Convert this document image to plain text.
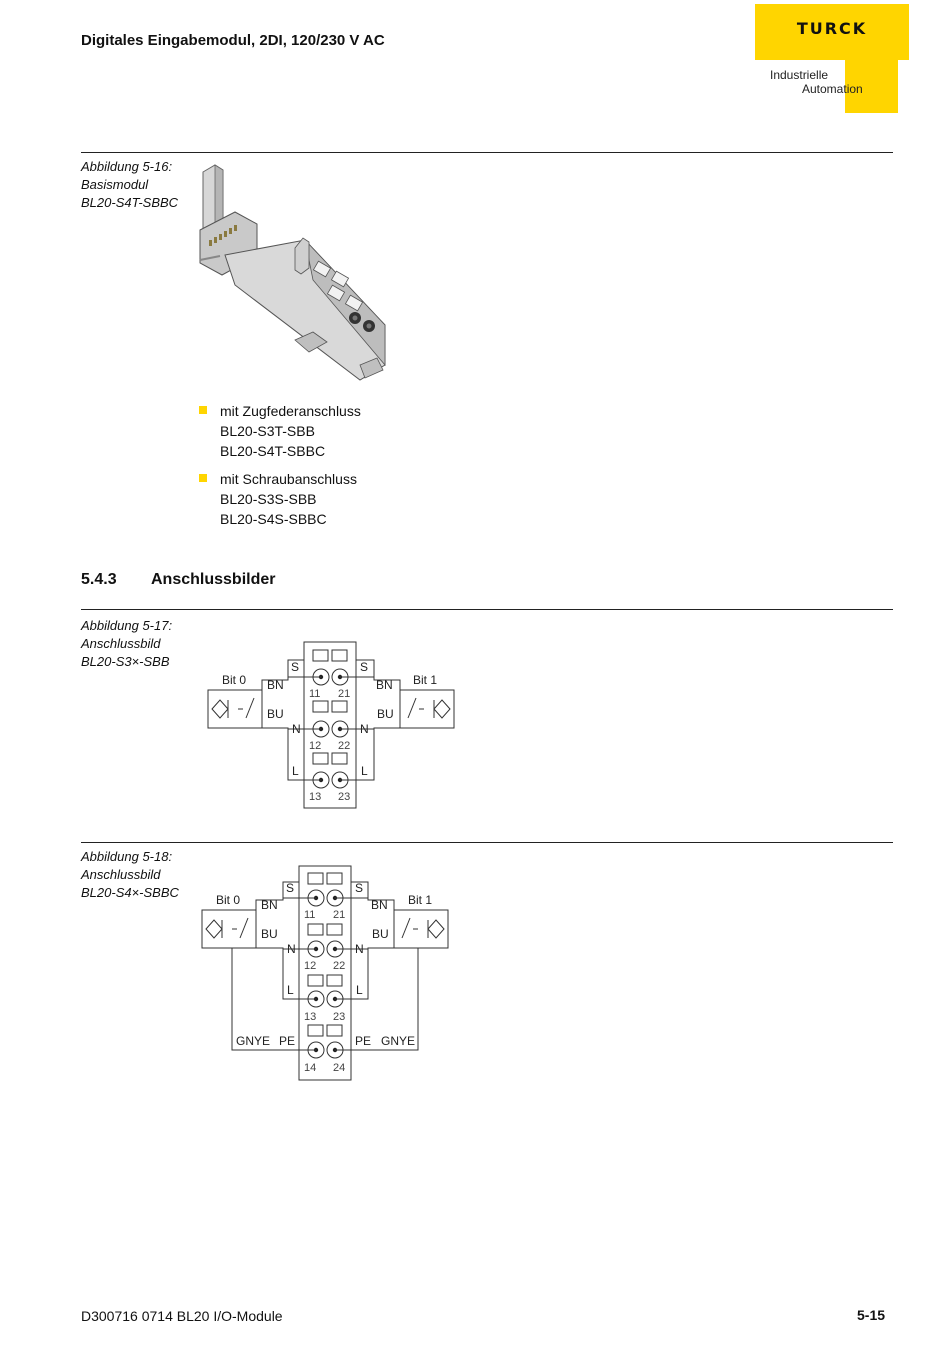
Digitales Eingabemodul, 2DI, 120/230 V AC
TURCK
Industrielle
Automation
Abbildung 5-16:
Basismodul
BL20-S4T-SBBC
mit Zugfederanschluss
BL20-S3T-SBB
BL20-S4T-SBBC
mit Schraubanschluss
BL20-S3S-SBB
BL20-S4S-SBBC
5.4.3 Anschlussbilder
Abbildung 5-17:
Anschlussbild
BL20-S3×-SBB
Bit 0	Bit 1
BN	BN
BU	BU
S	S
N	N
L	L
11 21
12 22
13 23
Abbildung 5-18:
Anschlussbild
BL20-S4×-SBBC	Bit 0	Bit 1
BN	BN
BU	BU
S	S
N	N
L	L
GNYE PE	PE GNYE
11 21
12 22
13 23
14 24
D300716 0714 BL20 I/O-Module	5-15
